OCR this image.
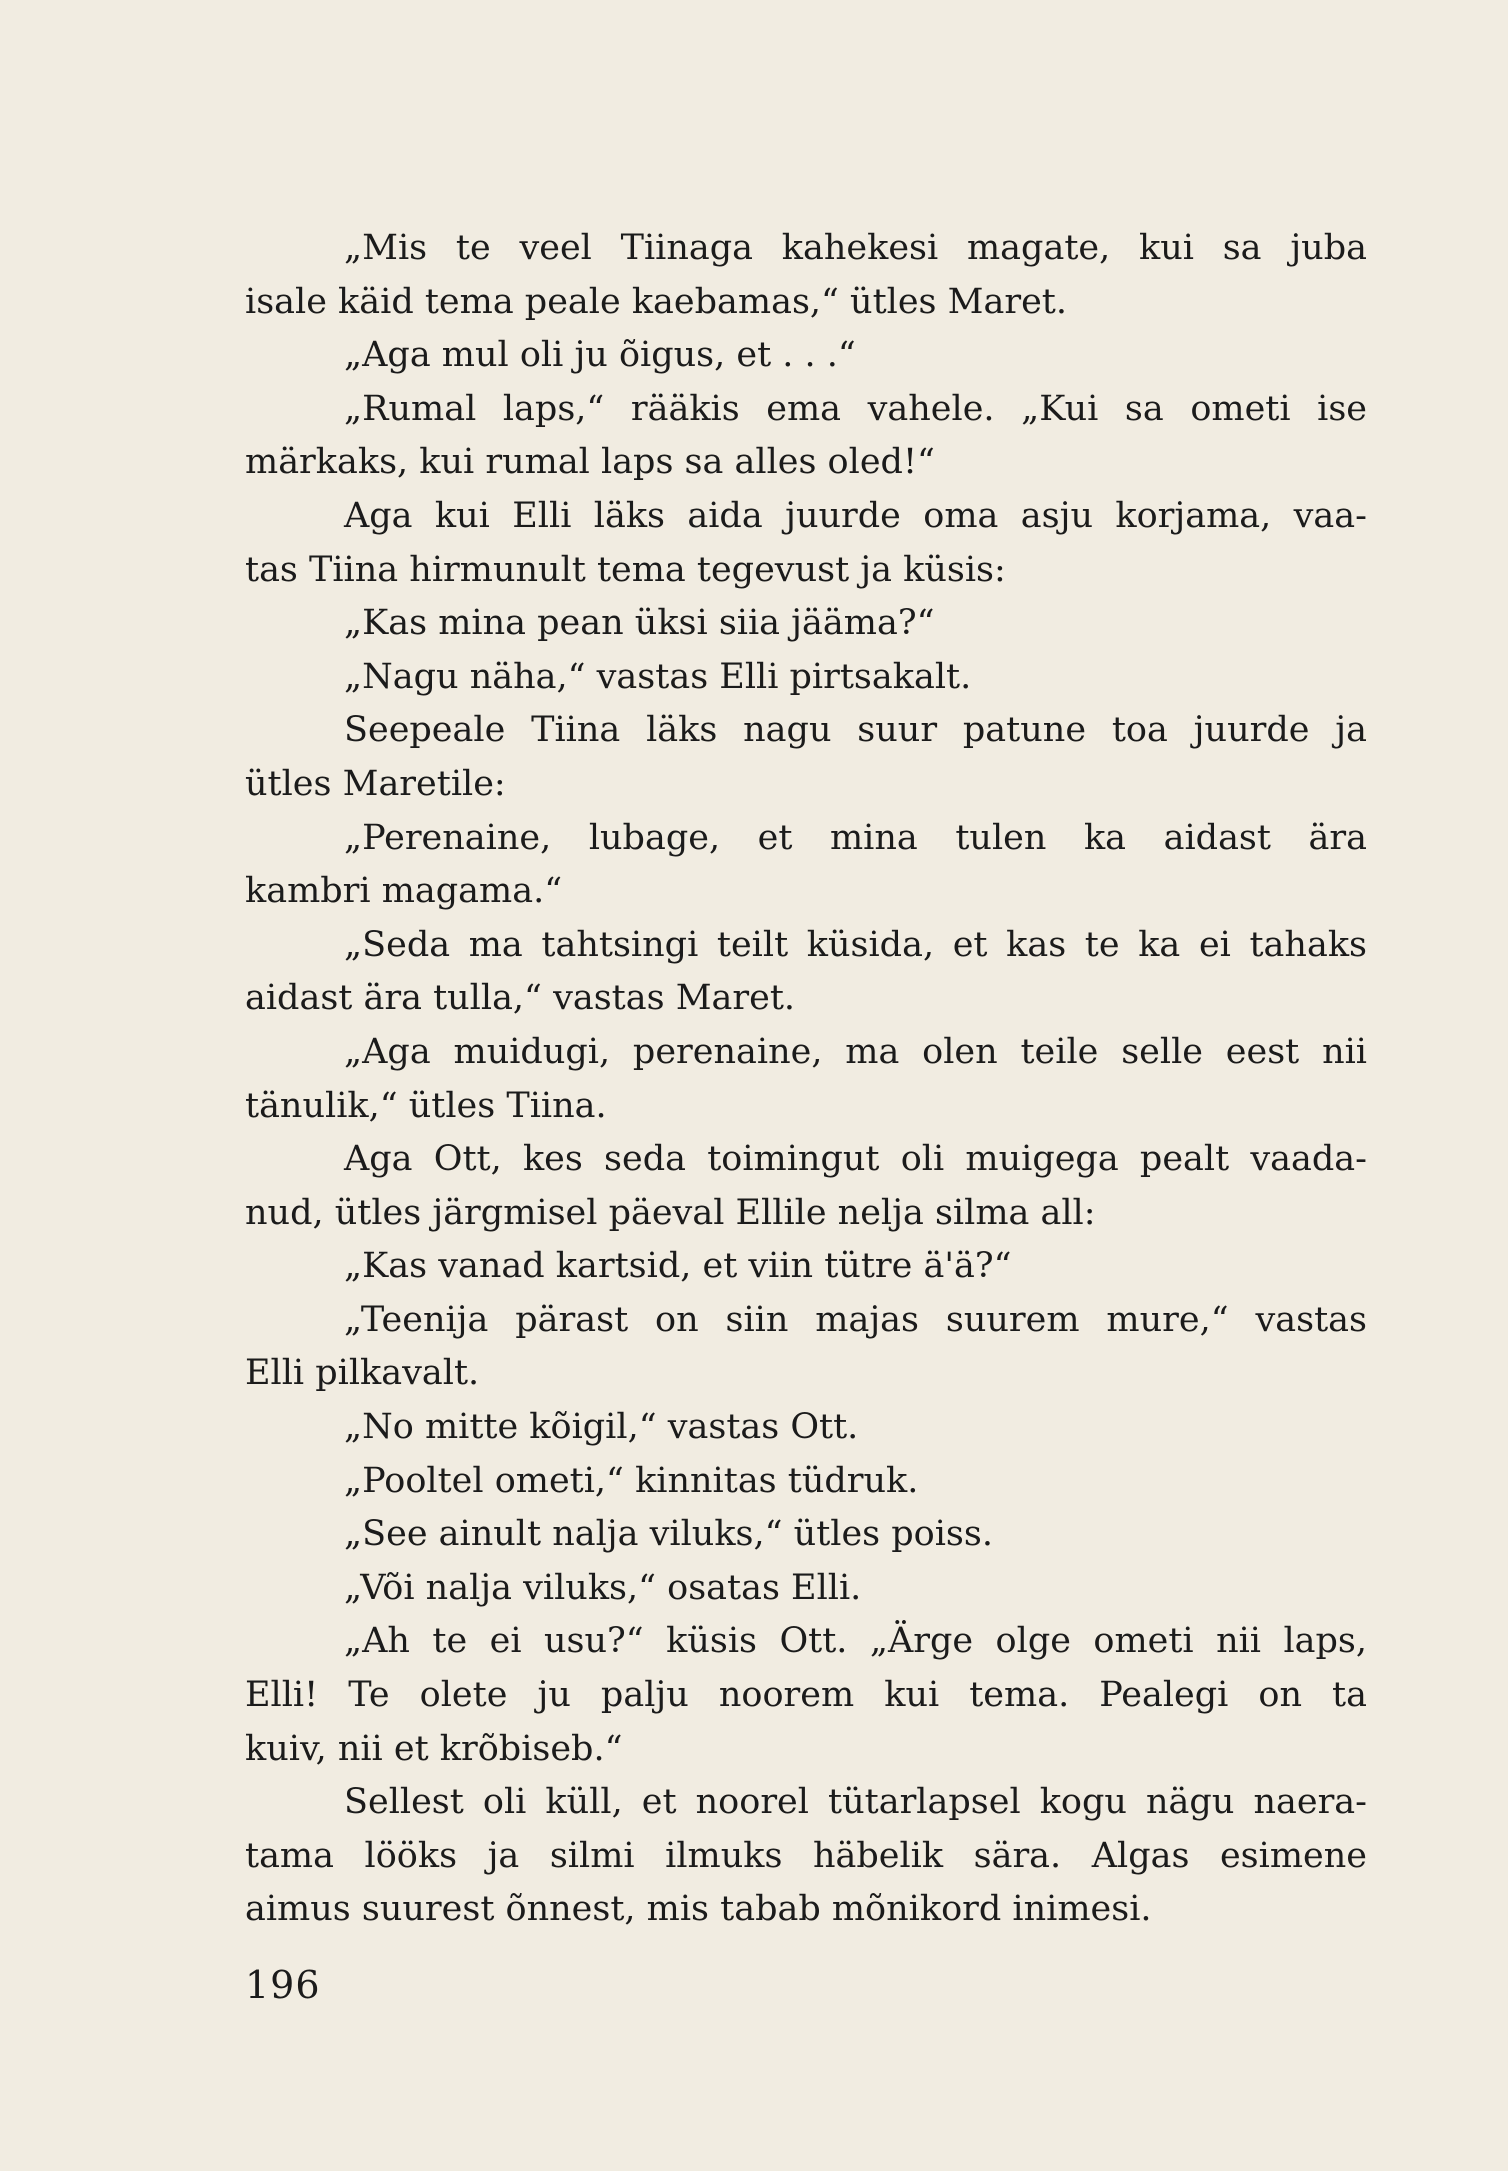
„Mis te veel Tiinaga kahekesi magate, kui sa juba
isale käid tema peale kaebamas,“ ütles Maret.
„Aga mul oli ju õigus, et . . .“
„Rumal laps,“ rääkis ema vahele. „Kui sa ometi ise
märkaks, kui rumal laps sa alles oled!“
Aga kui Elli läks aida juurde oma asju korjama, vaa-
tas Tiina hirmunult tema tegevust ja küsis:
„Kas mina pean üksi siia jääma?“
„Nagu näha,“ vastas Elli pirtsakalt.
Seepeale Tiina läks nagu suur patune toa juurde ja
ütles Maretile:
„Perenaine, lubage, et mina tulen ka aidast ära
kambri magama.“
„Seda ma tahtsingi teilt küsida, et kas te ka ei tahaks
aidast ära tulla,“ vastas Maret.
„Aga muidugi, perenaine, ma olen teile selle eest nii
tänulik,“ ütles Tiina.
Aga Ott, kes seda toimingut oli muigega pealt vaada-
nud, ütles järgmisel päeval Ellile nelja silma all:
„Kas vanad kartsid, et viin tütre ä'ä?“
„Teenija pärast on siin majas suurem mure,“ vastas
Elli pilkavalt.
„No mitte kõigil,“ vastas Ott.
„Pooltel ometi,“ kinnitas tüdruk.
„See ainult nalja viluks,“ ütles poiss.
„Või nalja viluks,“ osatas Elli.
„Ah te ei usu?“ küsis Ott. „Ärge olge ometi nii laps,
Elli! Te olete ju palju noorem kui tema. Pealegi on ta
kuiv, nii et krõbiseb.“
Sellest oli küll, et noorel tütarlapsel kogu nägu naera-
tama lööks ja silmi ilmuks häbelik sära. Algas esimene
aimus suurest õnnest, mis tabab mõnikord inimesi.
196
